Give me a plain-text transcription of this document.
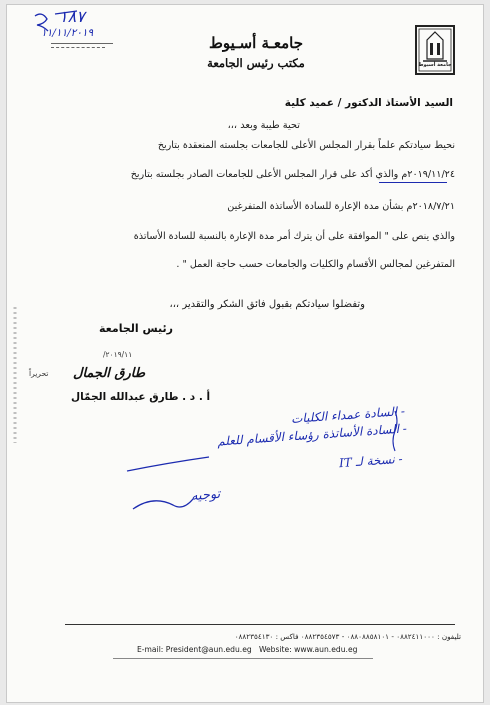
١٨٧
١١/١١/٢٠١٩
جامعـة أسـيوط
مكتب رئيس الجامعة	جامعة أسيوط
السيد الأستاذ الدكتور / عميد كلية
تحية طيبة وبعد ،،،
نحيط سيادتكم علماً بقرار المجلس الأعلى للجامعات بجلسته المنعقدة بتاريخ
٢٠١٩/١١/٢٤م والذي أكد على قرار المجلس الأعلى للجامعات الصادر بجلسته بتاريخ
٢٠١٨/٧/٢١م بشأن مدة الإعارة للسادة الأساتذة المتفرغين
والذي ينص على " الموافقة على أن يترك أمر مدة الإعارة بالنسبة للسادة الأساتذة
المتفرغين لمجالس الأقسام والكليات والجامعات حسب حاجة العمل " .
وتفضلوا سيادتكم بقبول فائق الشكر والتقدير ،،،
رئيس الجامعة
٢٠١٩/١١/
تحريراً طارق الجمال
أ . د . طارق عبدالله الجمّال
- السادة عمداء الكليات
- السادة الأساتذة رؤساء الأقسام للعلم
- نسخة لـ IT
توجيه
تليفون : ٠٨٨٢٤١١٠٠٠ - ٠٨٨٠٨٨٥٨١٠١ - ٠٨٨٢٣٥٤٥٧٣ فاكس : ٠٨٨٢٣٥٤١٣٠
E-mail: President@aun.edu.eg   Website: www.aun.edu.eg
